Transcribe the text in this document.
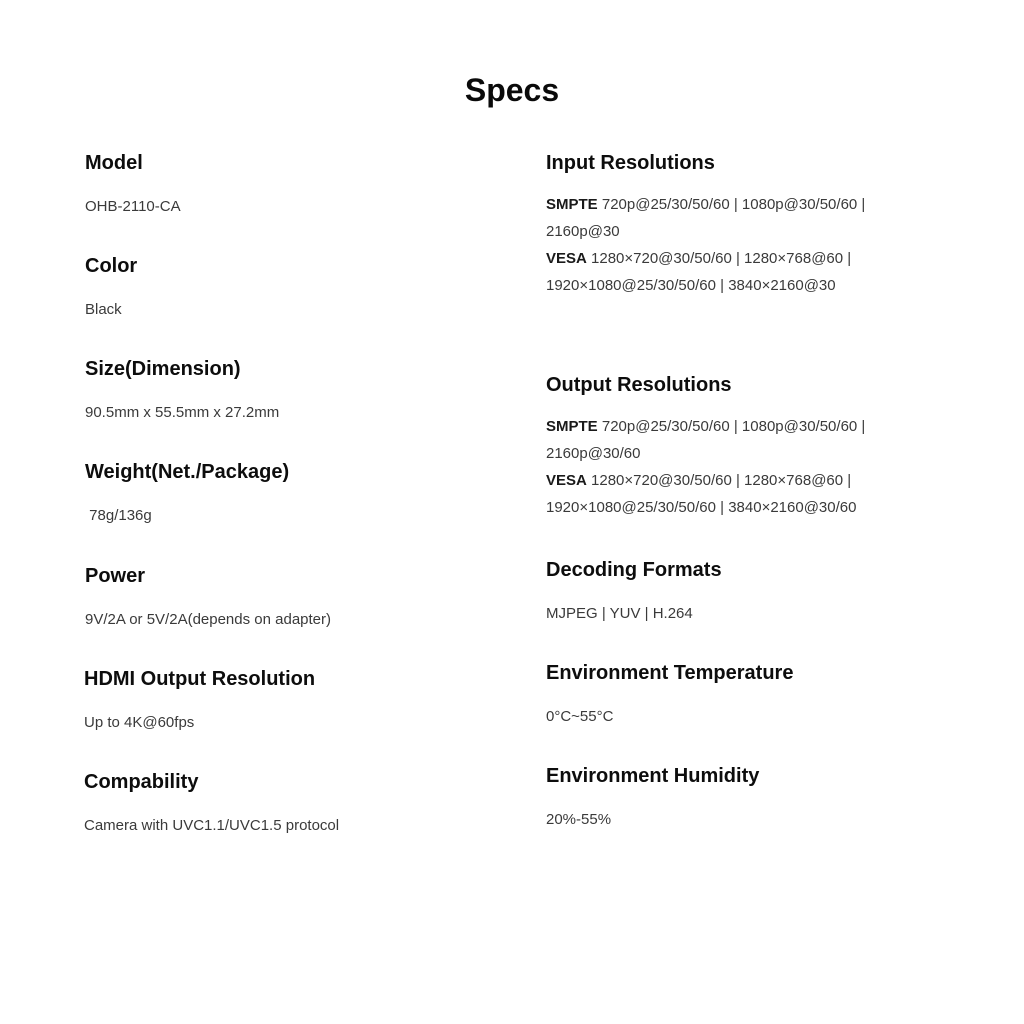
Specs
Model
OHB-2110-CA
Color
Black
Size(Dimension)
90.5mm x 55.5mm x 27.2mm
Weight(Net./Package)
78g/136g
Power
9V/2A or 5V/2A(depends on adapter)
HDMI Output Resolution
Up to 4K@60fps
Compability
Camera with UVC1.1/UVC1.5 protocol
Input Resolutions
SMPTE 720p@25/30/50/60 | 1080p@30/50/60 | 2160p@30
VESA 1280×720@30/50/60 | 1280×768@60 | 1920×1080@25/30/50/60 | 3840×2160@30
Output Resolutions
SMPTE 720p@25/30/50/60 | 1080p@30/50/60 | 2160p@30/60
VESA 1280×720@30/50/60 | 1280×768@60 | 1920×1080@25/30/50/60 | 3840×2160@30/60
Decoding Formats
MJPEG | YUV | H.264
Environment Temperature
0°C~55°C
Environment Humidity
20%-55%
